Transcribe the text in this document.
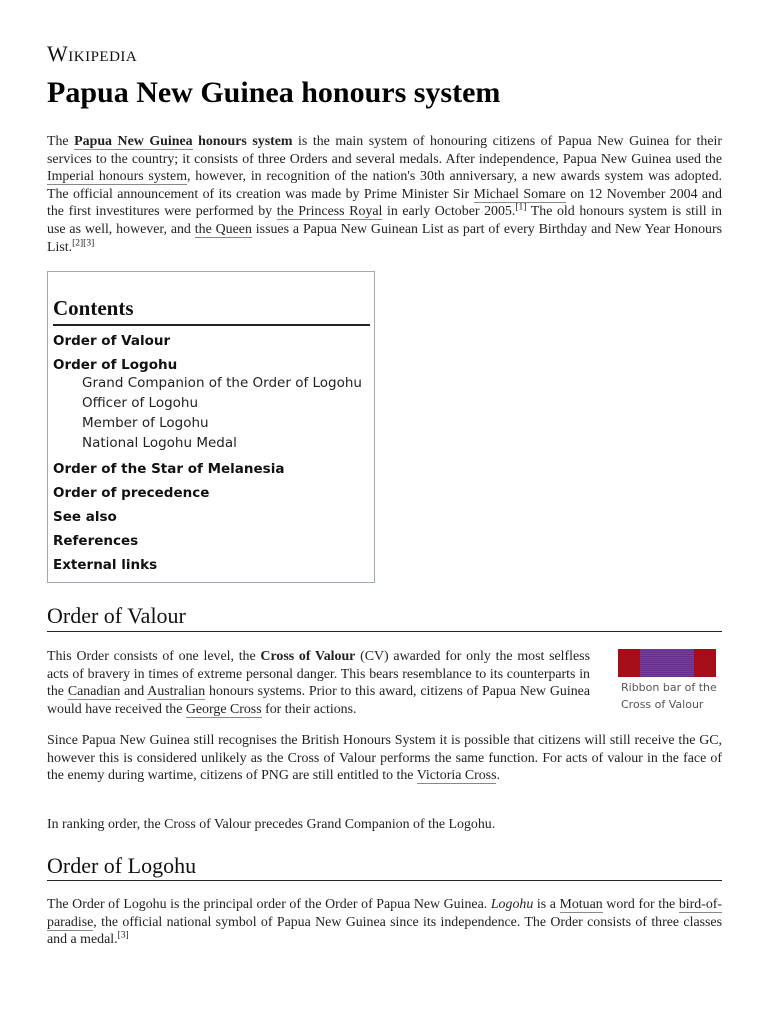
Wikipedia
Papua New Guinea honours system

The Papua New Guinea honours system is the main system of honouring citizens of Papua New Guinea for their services to the country; it consists of three Orders and several medals. After independence, Papua New Guinea used the Imperial honours system, however, in recognition of the nation's 30th anniversary, a new awards system was adopted. The official announcement of its creation was made by Prime Minister Sir Michael Somare on 12 November 2004 and the first investitures were performed by the Princess Royal in early October 2005.[1] The old honours system is still in use as well, however, and the Queen issues a Papua New Guinean List as part of every Birthday and New Year Honours List.[2][3]

Contents
Order of Valour
Order of Logohu
Grand Companion of the Order of Logohu
Officer of Logohu
Member of Logohu
National Logohu Medal
Order of the Star of Melanesia
Order of precedence
See also
References
External links
Order of Valour

This Order consists of one level, the Cross of Valour (CV) awarded for only the most selfless acts of bravery in times of extreme personal danger. This bears resemblance to its counterparts in the Canadian and Australian honours systems. Prior to this award, citizens of Papua New Guinea would have received the George Cross for their actions.

Ribbon bar of the Cross of Valour

Since Papua New Guinea still recognises the British Honours System it is possible that citizens will still receive the GC, however this is considered unlikely as the Cross of Valour performs the same function. For acts of valour in the face of the enemy during wartime, citizens of PNG are still entitled to the Victoria Cross.

In ranking order, the Cross of Valour precedes Grand Companion of the Logohu.

Order of Logohu

The Order of Logohu is the principal order of the Order of Papua New Guinea. Logohu is a Motuan word for the bird-of-paradise, the official national symbol of Papua New Guinea since its independence. The Order consists of three classes and a medal.[3]
